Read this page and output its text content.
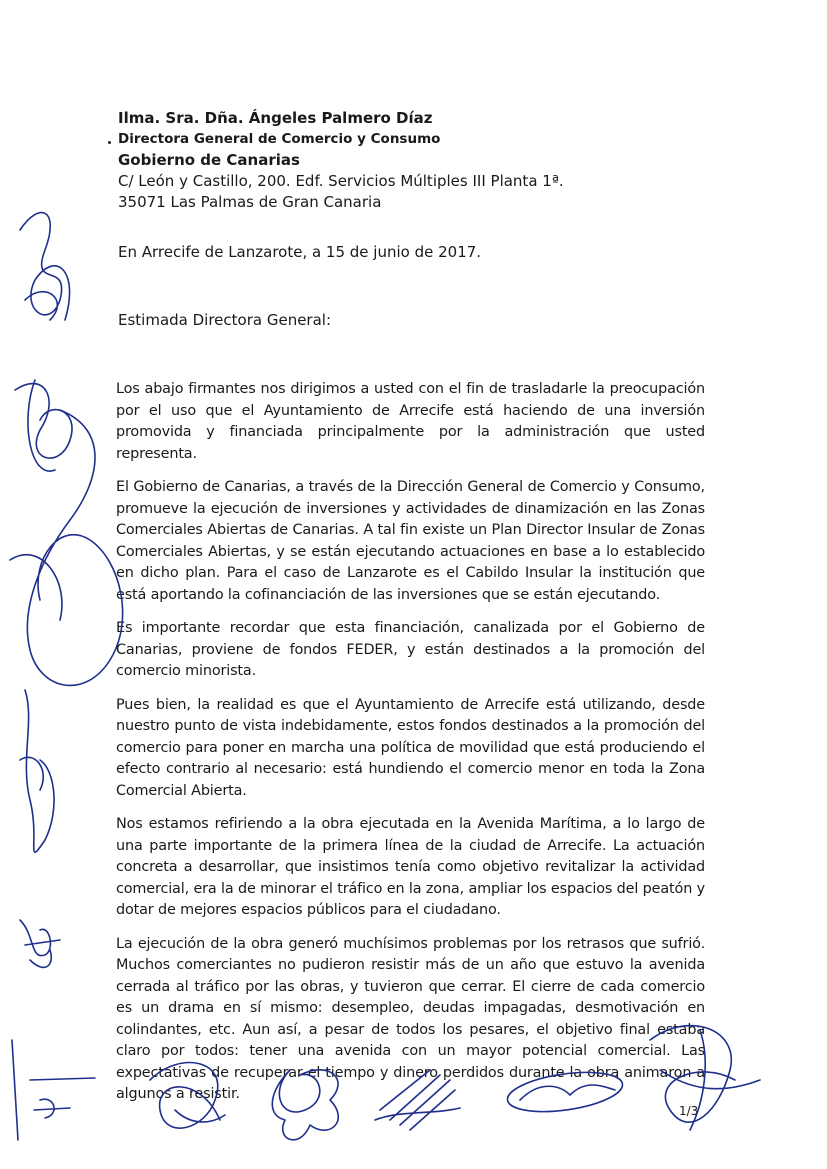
Ilma. Sra. Dña. Ángeles Palmero Díaz
Directora General de Comercio y Consumo
Gobierno de Canarias
C/ León y Castillo, 200. Edf. Servicios Múltiples III Planta 1ª.
35071 Las Palmas de Gran Canaria
En Arrecife de Lanzarote, a 15 de junio de 2017.
Estimada Directora General:

Los abajo firmantes nos dirigimos a usted con el fin de trasladarle la preocupación por el uso que el Ayuntamiento de Arrecife está haciendo de una inversión promovida y financiada principalmente por la administración que usted representa.

El Gobierno de Canarias, a través de la Dirección General de Comercio y Consumo, promueve la ejecución de inversiones y actividades de dinamización en las Zonas Comerciales Abiertas de Canarias. A tal fin existe un Plan Director Insular de Zonas Comerciales Abiertas, y se están ejecutando actuaciones en base a lo establecido en dicho plan. Para el caso de Lanzarote es el Cabildo Insular la institución que está aportando la cofinanciación de las inversiones que se están ejecutando.

Es importante recordar que esta financiación, canalizada por el Gobierno de Canarias, proviene de fondos FEDER, y están destinados a la promoción del comercio minorista.

Pues bien, la realidad es que el Ayuntamiento de Arrecife está utilizando, desde nuestro punto de vista indebidamente, estos fondos destinados a la promoción del comercio para poner en marcha una política de movilidad que está produciendo el efecto contrario al necesario: está hundiendo el comercio menor en toda la Zona Comercial Abierta.

Nos estamos refiriendo a la obra ejecutada en la Avenida Marítima, a lo largo de una parte importante de la primera línea de la ciudad de Arrecife. La actuación concreta a desarrollar, que insistimos tenía como objetivo revitalizar la actividad comercial, era la de minorar el tráfico en la zona, ampliar los espacios del peatón y dotar de mejores espacios públicos para el ciudadano.

La ejecución de la obra generó muchísimos problemas por los retrasos que sufrió. Muchos comerciantes no pudieron resistir más de un año que estuvo la avenida cerrada al tráfico por las obras, y tuvieron que cerrar. El cierre de cada comercio es un drama en sí mismo: desempleo, deudas impagadas, desmotivación en colindantes, etc. Aun así, a pesar de todos los pesares, el objetivo final estaba claro por todos: tener una avenida con un mayor potencial comercial. Las expectativas de recuperar el tiempo y dinero perdidos durante la obra animaron a algunos a resistir.

1/3
